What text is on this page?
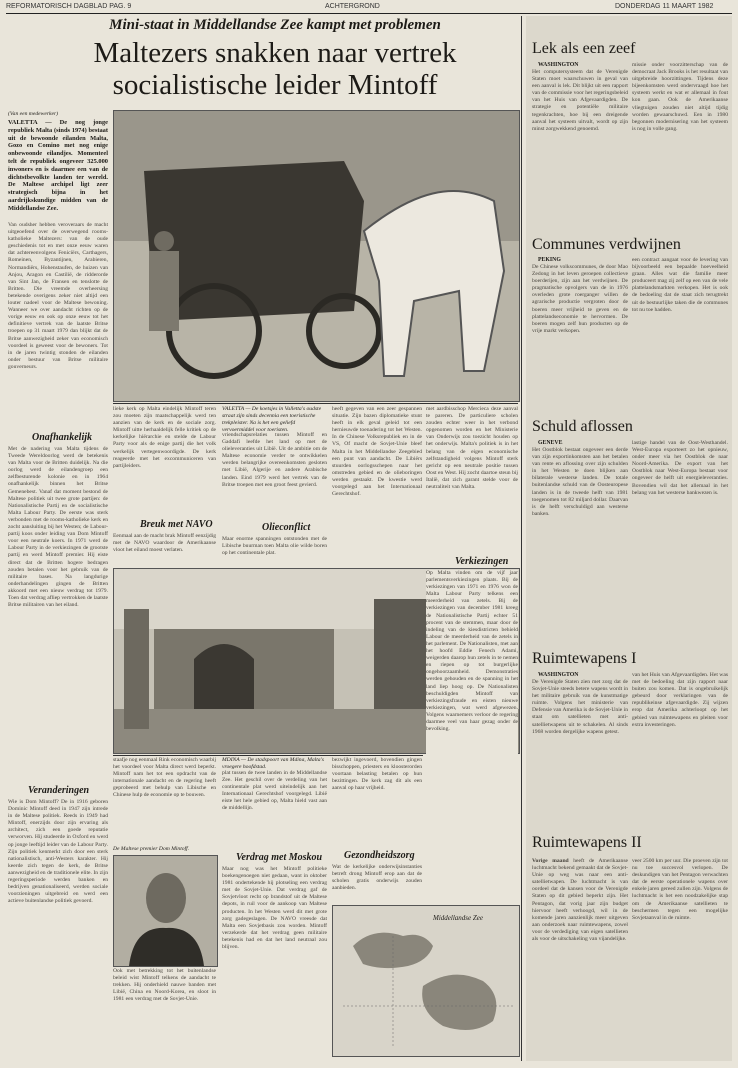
REFORMATORISCH DAGBLAD PAG. 9	ACHTERGROND	DONDERDAG 11 MAART 1982
Mini-staat in Middellandse Zee kampt met problemen
Maltezers snakken naar vertrek
socialistische leider Mintoff
(Van een medewerker)
VALETTA — De nog jonge republiek Malta (sinds 1974) bestaat uit de bewoonde eilanden Malta, Gozo en Comino met nog enige onbewoonde eilandjes. Momenteel telt de republiek ongeveer 325.000 inwoners en is daarmee een van de dichtstbevolkte landen ter wereld. De Maltese archipel ligt zeer strategisch bijna in het aardrijkskundige midden van de Middellandse Zee.
Van oudsher hebben veroveraars de macht uitgeoefend over de overwegend rooms-katholieke Maltezers: van de oude geschiedenis tot en met onze eeuw waren dat achtereenvolgens Feniciërs, Carthagers, Romeinen, Byzantijnen, Arabieren, Normandiërs, Hohenstaufen, de huizen van Anjou, Aragon en Castilië, de ridderorde van Sint Jan, de Fransen en tenslotte de Britten. Die vreemde overheersing betekende overigens zeker niet altijd een louter nadeel voor de Maltese bewoning. Wanneer we over aandacht richten op de vorige eeuw en ook op onze eeuw tot het definitieve vertrek van de laatste Britse troepen op 31 maart 1979 dan blijkt dat de Britse aanwezigheid zeker van economisch voordeel is geweest voor de bewoners. Tot in de jaren twintig stonden de eilanden onder bestuur van Britse militaire gouverneurs.
Onafhankelijk
Met de nadering van Malta tijdens de Tweede Wereldoorlog werd de betekenis van Malta voor de Britten duidelijk. Na die oorlog werd de eilandengroep een zelfbesturende kolonie en in 1964 onafhankelijk binnen het Britse Gemenebest. Vanaf dat moment bestond de Maltese politiek uit twee grote partijen: de Nationalistische Partij en de socialistische Malta Labour Party. De eerste was sterk verbonden met de rooms-katholieke kerk en zocht aansluiting bij het Westen; de Labour-partij koos onder leiding van Dom Mintoff voor een neutrale koers. In 1971 werd de Labour Party in de verkiezingen de grootste partij en werd Mintoff premier. Hij eiste direct dat de Britten hogere bedragen zouden betalen voor het gebruik van de militaire bases. Na langdurige onderhandelingen gingen de Britten akkoord met een nieuw verdrag tot 1979. Toen dat verdrag afliep vertrokken de laatste Britse militairen van het eiland.
Veranderingen
Wie is Dom Mintoff? De in 1916 geboren Dominic Mintoff deed in 1947 zijn intrede in de Maltese politiek. Reeds in 1949 had Mintoff, enerzijds door zijn ervaring als architect, zich een goede reputatie verworven. Hij studeerde in Oxford en werd op jonge leeftijd leider van de Labour Party. Zijn politiek kenmerkt zich door een sterk nationalistisch, anti-Westers karakter. Hij keerde zich tegen de kerk, de Britse aanwezigheid en de traditionele elite. In zijn regeringsperiode werden banken en bedrijven genationaliseerd, werden sociale voorzieningen uitgebreid en werd een actieve buitenlandse politiek gevoerd.
VALETTA — De koetsjes in Valletta's oudste straat zijn sinds decennia een toeristische trekpleister. Na is het een geliefd vervoermiddel voor toeristen.
lieke kerk op Malta eindelijk Mintoff teren zou moeten zijn maatschappelijk werd ten aanzien van de kerk en de sociale zorg. Mintoff uitte herhaaldelijk felle kritiek op de kerkelijke hiërarchie en stelde de Labour Party voor als de enige partij die het volk werkelijk vertegenwoordigde. De kerk reageerde met het excommuniceren van partijleiders.
Breuk met NAVO
Eenmaal aan de macht brak Mintoff eenzijdig met de NAVO waardoor de Amerikaanse vloot het eiland moest verlaten.
vriendschapsrelaties tussen Mintoff en Gaddafi leefde het land op met de olieleveranties uit Libië. Uit de ambitie om de Maltese economie verder te ontwikkelen werden belangrijke overeenkomsten gesloten met Libië, Algerije en andere Arabische landen. Eind 1979 werd het vertrek van de Britse troepen met een groot feest gevierd.
Olieconflict
Maar enorme spanningen ontstonden met de Libische buurman toen Malta olie wilde boren op het continentale plat.
heeft gegeven van een zeer gespannen situatie. Zijn bazen diplomatieke stunt heeft in elk geval geleid tot een hernieuwde toenadering tot het Westen. In de Chinese Volksrepubliek en in de VS, Of macht de Sovjet-Unie bleef Malta in het Middellandse Zeegebied een punt van aandacht. De Libiërs stuurden oorlogsschepen naar het omstreden gebied en de olieboringen werden gestaakt. De kwestie werd voorgelegd aan het Internationaal Gerechtshof.
met aardbisschop Mercieca deze aanval te pareren. De particuliere scholen zouden echter weer in het verbond opgenomen worden en het Ministerie van Onderwijs zou toezicht houden op het onderwijs. Malta's politiek is in het belang van de eigen economische zelfstandigheid volgens Mintoff sterk gericht op een neutrale positie tussen Oost en West. Hij zocht daartoe steun bij Italië, dat zich garant stelde voor de neutraliteit van Malta.
Verkiezingen
Op Malta vinden om de vijf jaar parlementsverkiezingen plaats. Bij de verkiezingen van 1971 en 1976 won de Malta Labour Party telkens een meerderheid van zetels. Bij de verkiezingen van december 1981 kreeg de Nationalistische Partij echter 51 procent van de stemmen, maar door de indeling van de kiesdistricten behield Labour de meerderheid van de zetels in het parlement. De Nationalisten, met aan het hoofd Eddie Fenech Adami, weigerden daarop hun zetels in te nemen en riepen op tot burgerlijke ongehoorzaamheid. Demonstraties werden gehouden en de spanning in het land liep hoog op. De Nationalisten beschuldigden Mintoff van verkiezingsfraude en eisten nieuwe verkiezingen, wat werd afgewezen. Volgens waarnemers verloor de regering daarmee veel van haar gezag onder de bevolking.
MDINA — De stadspoort van Mdina, Malta's vroegere hoofdstad.
staafje nog eenmaal Rink economisch waarbij het voordeel voor Malta direct werd beperkt. Mintoff nam het tot een opdracht van de internationale aandacht en de regering heeft geprobeerd met behulp van Libische en Chinese hulp de economie op te bouwen.
De Maltese premier Dom Mintoff.
Ook met betrekking tot het buitenlandse beleid wist Mintoff telkens de aandacht te trekken. Hij onderhield nauwe banden met Libië, China en Noord-Korea, en sloot in 1981 een verdrag met de Sovjet-Unie.
plat tussen de twee landen in de Middellandse Zee. Het geschil over de verdeling van het continentale plat werd uiteindelijk aan het Internationaal Gerechtshof voorgelegd. Libië eiste het hele gebied op, Malta hield vast aan de middellijn.
Verdrag met Moskou
Maar nog was het Mintoff politieke boekengenoegen niet gedaan, want in oktober 1981 ondertekende hij plotseling een verdrag met de Sovjet-Unie. Dat verdrag gaf de Sovjetvloot recht op brandstof uit de Maltese depots, in ruil voor de aankoop van Maltese producten. In het Westen werd dit met grote zorg gadegeslagen. De NAVO vreesde dat Malta een Sovjetbasis zou worden. Mintoff verzekerde dat het verdrag geen militaire betekenis had en dat het land neutraal zou blijven.
bezwijkt ingevoerd, bovendien gingen bisschoppen, priesters en kloosterorden voortaan belasting betalen op hun bezittingen. De kerk zag dit als een aanval op haar vrijheid.
Gezondheidszorg
Wat de kerkelijke onderwijsinstanties betreft drong Mintoff erop aan dat de scholen gratis onderwijs zouden aanbieden.
Middellandse Zee
Lek als een zeef
WASHINGTON
Het computersysteem dat de Verenigde Staten moet waarschuwen in geval van een aanval is lek. Dit blijkt uit een rapport van de commissie voor het regeringsbeleid van het Huis van Afgevaardigden. De strategie en potentiële militaire tegenkrachten, hoe bij een dreigende aanval het systeem uitvalt, wordt op zijn minst zorgwekkend genoemd.
missie onder voorzitterschap van de democraat Jack Brooks is het resultaat van uitgebreide hoorzittingen. Tijdens deze bijeenkomsten werd ondervraagd hoe het systeem werkt en wat er allemaal in fout kon gaan. Ook de Amerikaanse vliegtuigen zouden niet altijd tijdig worden gewaarschuwd. Een in 1980 begonnen modernisering van het systeem is nog in volle gang.
Communes verdwijnen
PEKING
De Chinese volkscommunes, de door Mao Zedong in het leven geroepen collectieve boerderijen, zijn aan het verdwijnen. De pragmatische opvolgers van de in 1976 overleden grote roerganger willen de agrarische productie vergroten door de boeren meer vrijheid te geven en de plattelandseconomie te hervormen. De boeren mogen zelf hun producten op de vrije markt verkopen.
een contract aangaat voor de levering van bijvoorbeeld een bepaalde hoeveelheid graan. Alles wat die familie meer produceert mag zij zelf op een van de vele plattelandsmarkten verkopen. Het is ook de bedoeling dat de staat zich terugtrekt uit de bestuurlijke taken die de communes tot nu toe hadden.
Schuld aflossen
GENEVE
Het Oostblok bestaat ongeveer een derde van zijn exportinkomsten aan het betalen van rente en aflossing over zijn schulden in het Westen te doen blijken aan bilaterale westerse landen. De totale buitenlandse schuld van de Oosteuropese landen is in de tweede helft van 1981 toegenomen tot 82 miljard dollar. Daarvan is de helft verschuldigd aan westerse banken.
lastige handel van de Oost-Westhandel. West-Europa exporteert zo het opnieuw, onder meer via het Oostblok de naar Noord-Amerika. De export van het Oostblok naar West-Europa bestaat voor ongeveer de helft uit energieleveranties. Bovendien wil dat het allemaal in het belang van het westerse bankwezen is.
Ruimtewapens I
WASHINGTON
De Verenigde Staten zien met zorg dat de Sovjet-Unie steeds betere wapens wordt in het militaire gebruik van de kunstmatige ruimte. Volgens het ministerie van Defensie van Amerika is de Sovjet-Unie in staat om satellieten met anti-satellietwapens uit te schakelen. Al sinds 1968 worden dergelijke wapens getest.
van het Huis van Afgevaardigden. Het was met de bedoeling dat zijn rapport naar buiten zou komen. Dat is ongebruikelijk gebeurd door verklaringen van de republikeinse afgevaardigde. Zij wijzen erop dat Amerika achterloopt op het gebied van ruimtewapens en pleiten voor extra investeringen.
Ruimtewapens II
Vorige maand heeft de Amerikaanse luchtmacht bekend gemaakt dat de Sovjet-Unie op weg was naar een anti-satellietwapen. De luchtmacht is van oordeel dat de kansen voor de Verenigde Staten op dit gebied beperkt zijn. Het Pentagon, dat vorig jaar zijn budget hiervoor heeft verhoogd, wil in de komende jaren aanzienlijk meer uitgeven aan onderzoek naar ruimtewapens, zowel voor de verdediging van eigen satellieten als voor de uitschakeling van vijandelijke.
veer 2500 km per uur. Die proeven zijn tot nu toe succesvol verlopen. De deskundigen van het Pentagon verwachten dat de eerste operationele wapens over enkele jaren gereed zullen zijn. Volgens de luchtmacht is het een noodzakelijke stap om de Amerikaanse satellieten te beschermen tegen een mogelijke Sovjetaanval in de ruimte.
